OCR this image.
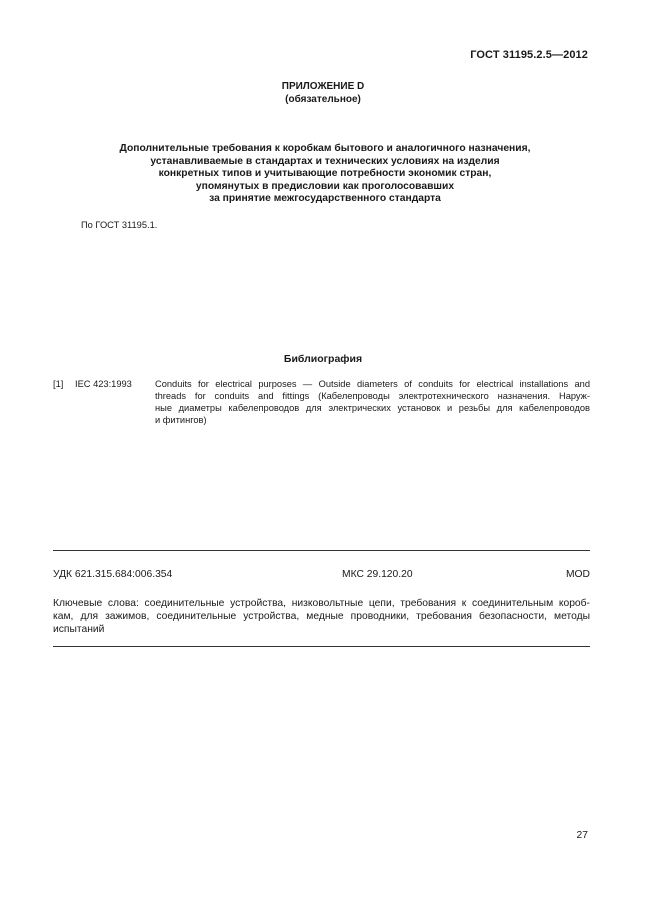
ГОСТ 31195.2.5—2012
ПРИЛОЖЕНИЕ D
(обязательное)
Дополнительные требования к коробкам бытового и аналогичного назначения,
устанавливаемые в стандартах и технических условиях на изделия
конкретных типов и учитывающие потребности экономик стран,
упомянутых в предисловии как проголосовавших
за принятие межгосударственного стандарта
По ГОСТ 31195.1.
Библиография
[1] IEC 423:1993 Conduits for electrical purposes — Outside diameters of conduits for electrical installations and
threads for conduits and fittings (Кабелепроводы электротехнического назначения. Наруж-
ные диаметры кабелепроводов для электрических установок и резьбы для кабелепроводов
и фитингов)
УДК 621.315.684:006.354	МКС 29.120.20	MOD
Ключевые слова: соединительные устройства, низковольтные цепи, требования к соединительным короб-
кам, для зажимов, соединительные устройства, медные проводники, требования безопасности, методы
испытаний
27
